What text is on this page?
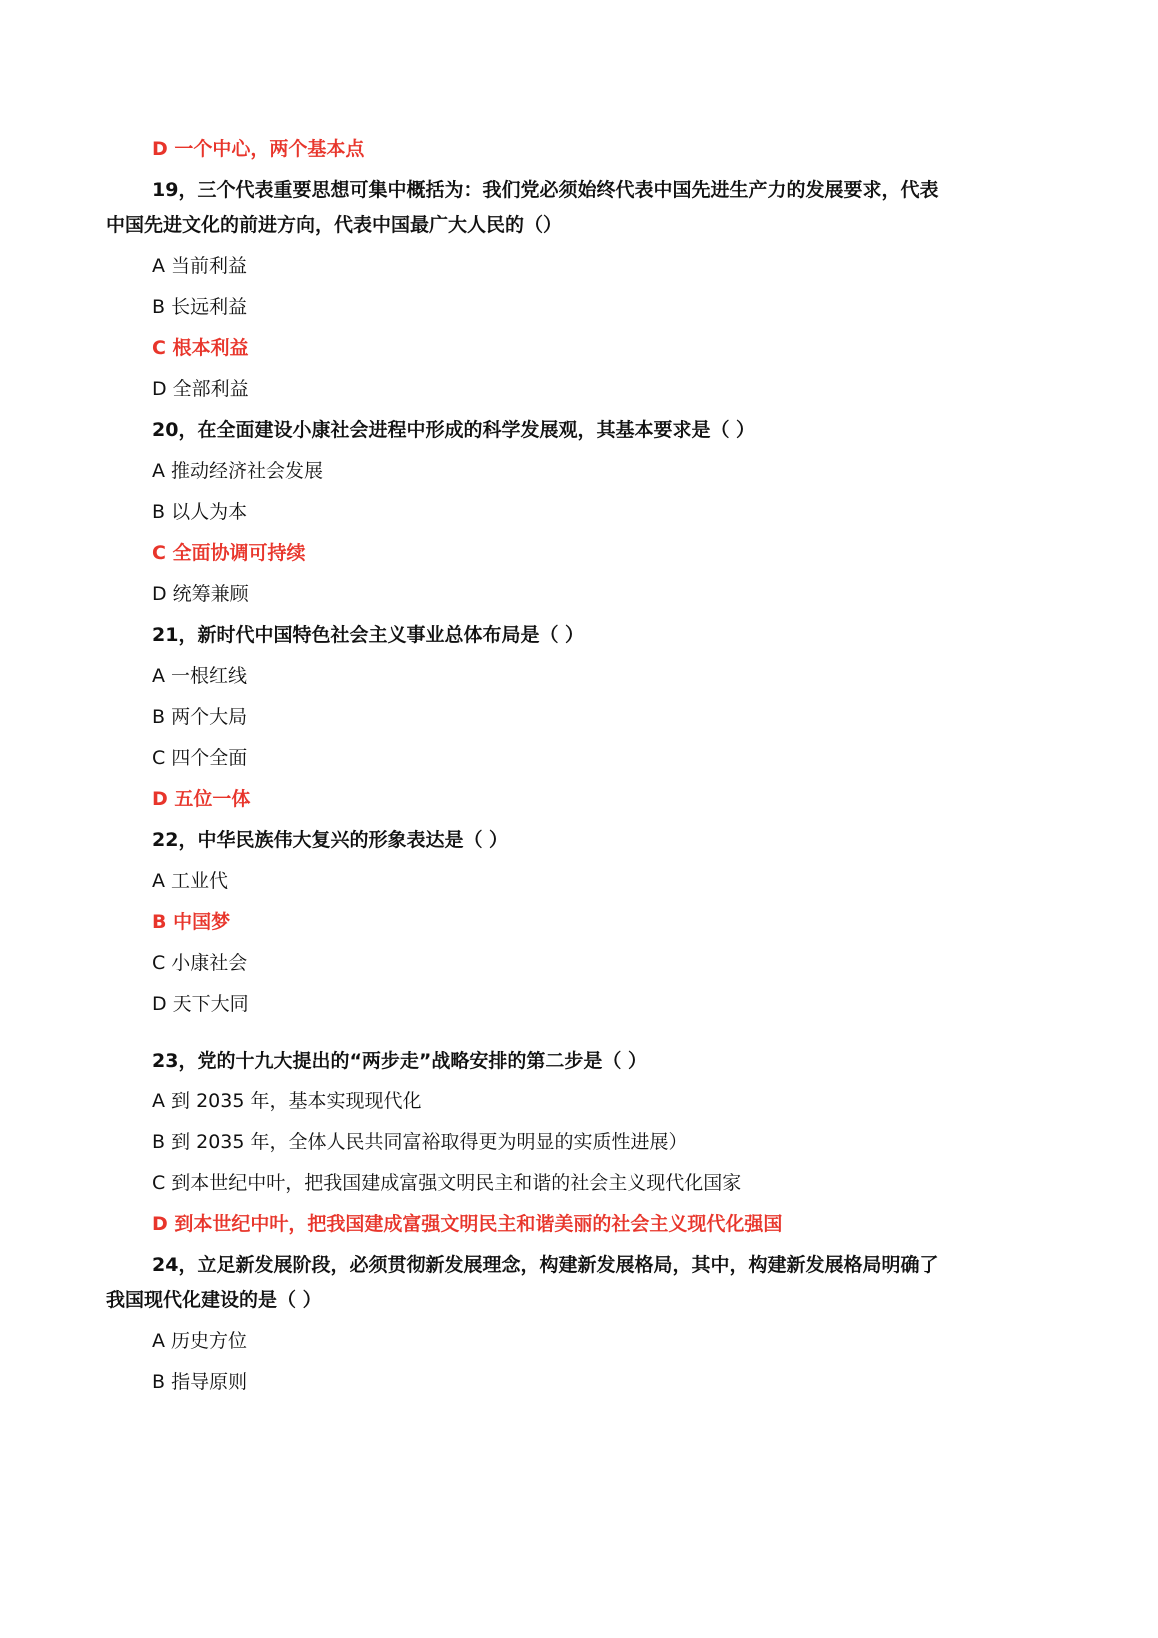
D 一个中心，两个基本点
19，三个代表重要思想可集中概括为：我们党必须始终代表中国先进生产力的发展要求，代表
中国先进文化的前进方向，代表中国最广大人民的（）
A 当前利益
B 长远利益
C 根本利益
D 全部利益
20，在全面建设小康社会进程中形成的科学发展观，其基本要求是（ ）
A 推动经济社会发展
B 以人为本
C 全面协调可持续
D 统筹兼顾
21，新时代中国特色社会主义事业总体布局是（ ）
A 一根红线
B 两个大局
C 四个全面
D 五位一体
22，中华民族伟大复兴的形象表达是（ ）
A 工业代
B 中国梦
C 小康社会
D 天下大同
23，党的十九大提出的“两步走”战略安排的第二步是（ ）
A 到 2035 年，基本实现现代化
B 到 2035 年，全体人民共同富裕取得更为明显的实质性进展）
C 到本世纪中叶，把我国建成富强文明民主和谐的社会主义现代化国家
D 到本世纪中叶，把我国建成富强文明民主和谐美丽的社会主义现代化强国
24，立足新发展阶段，必须贯彻新发展理念，构建新发展格局，其中，构建新发展格局明确了
我国现代化建设的是（ ）
A 历史方位
B 指导原则
